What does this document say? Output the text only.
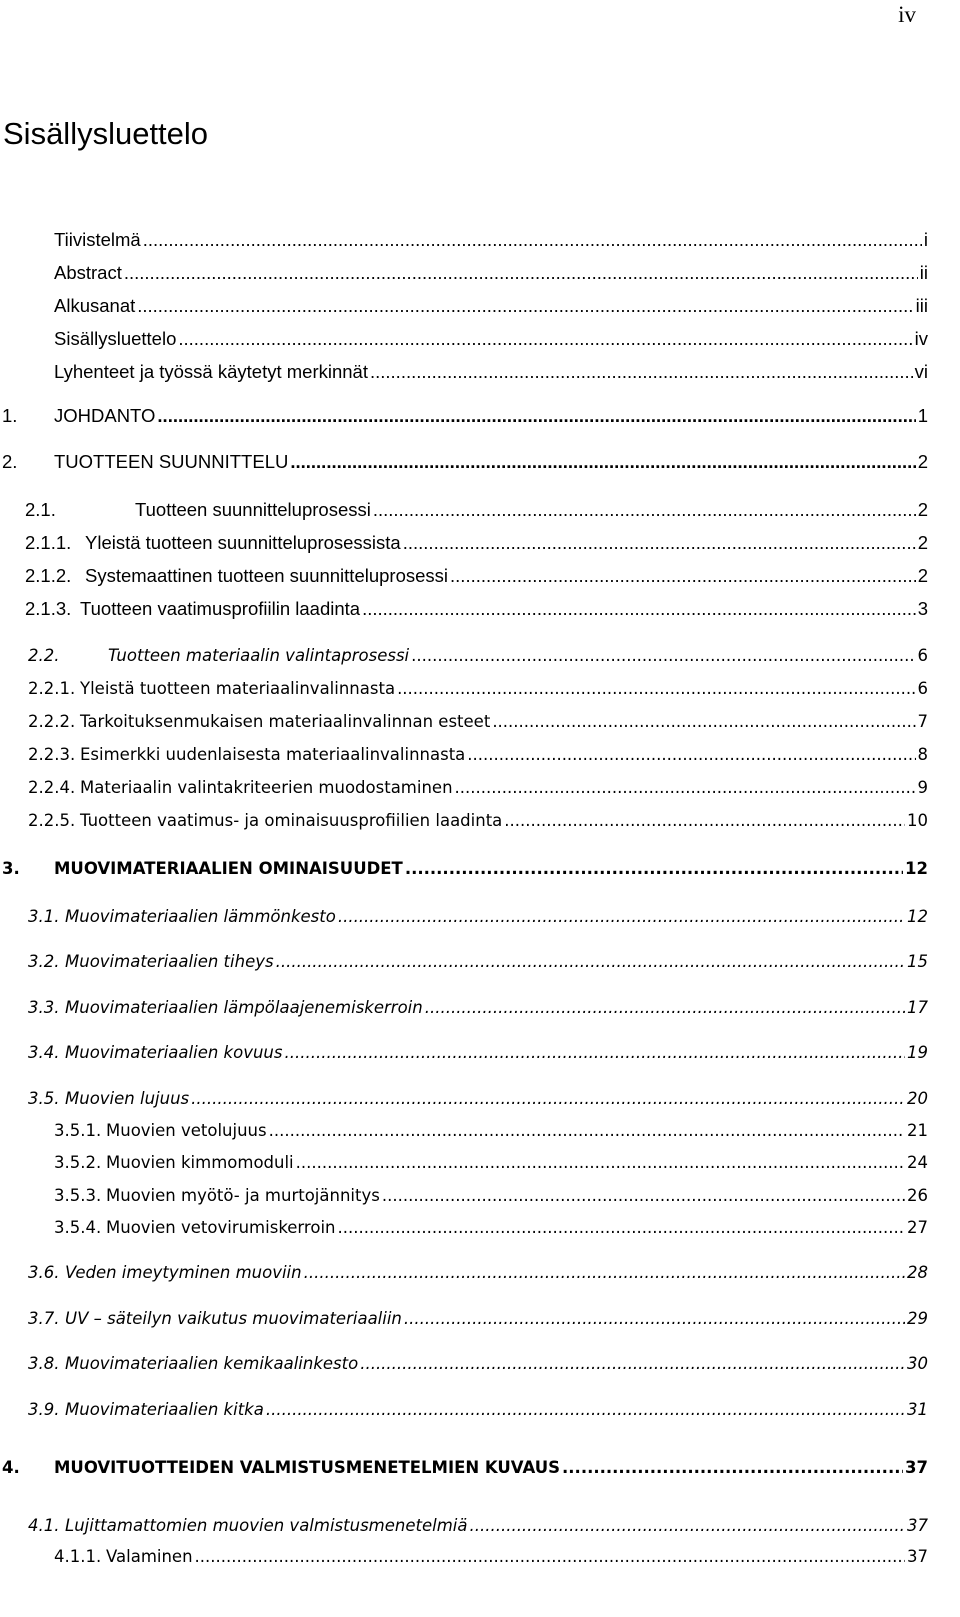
iv
Sisällysluettelo
Tiivistelmä .....	i
Abstract .....	ii
Alkusanat .....	iii
Sisällysluettelo .....	iv
Lyhenteet ja työssä käytetyt merkinnät .....	vi
1.	JOHDANTO .....	1
2.	TUOTTEEN SUUNNITTELU .....	2
2.1.	Tuotteen suunnitteluprosessi .....	2
2.1.1. Yleistä tuotteen suunnitteluprosessista .....	2
2.1.2. Systemaattinen tuotteen suunnitteluprosessi .....	2
2.1.3. Tuotteen vaatimusprofiilin laadinta .....	3
2.2.	Tuotteen materiaalin valintaprosessi .....	6
2.2.1. Yleistä tuotteen materiaalinvalinnasta .....	6
2.2.2. Tarkoituksenmukaisen materiaalinvalinnan esteet .....	7
2.2.3. Esimerkki uudenlaisesta materiaalinvalinnasta .....	8
2.2.4. Materiaalin valintakriteerien muodostaminen .....	9
2.2.5. Tuotteen vaatimus- ja ominaisuusprofiilien laadinta .....	10
3.	MUOVIMATERIAALIEN OMINAISUUDET .....	12
3.1. Muovimateriaalien lämmönkesto .....	12
3.2. Muovimateriaalien tiheys .....	15
3.3. Muovimateriaalien lämpölaajenemiskerroin .....	17
3.4. Muovimateriaalien kovuus .....	19
3.5. Muovien lujuus .....	20
3.5.1. Muovien vetolujuus .....	21
3.5.2. Muovien kimmomoduli .....	24
3.5.3. Muovien myötö- ja murtojännitys .....	26
3.5.4. Muovien vetovirumiskerroin .....	27
3.6. Veden imeytyminen muoviin .....	28
3.7. UV – säteilyn vaikutus muovimateriaaliin .....	29
3.8. Muovimateriaalien kemikaalinkesto .....	30
3.9. Muovimateriaalien kitka .....	31
4.	MUOVITUOTTEIDEN VALMISTUSMENETELMIEN KUVAUS .....	37
4.1. Lujittamattomien muovien valmistusmenetelmiä .....	37
4.1.1. Valaminen .....	37
